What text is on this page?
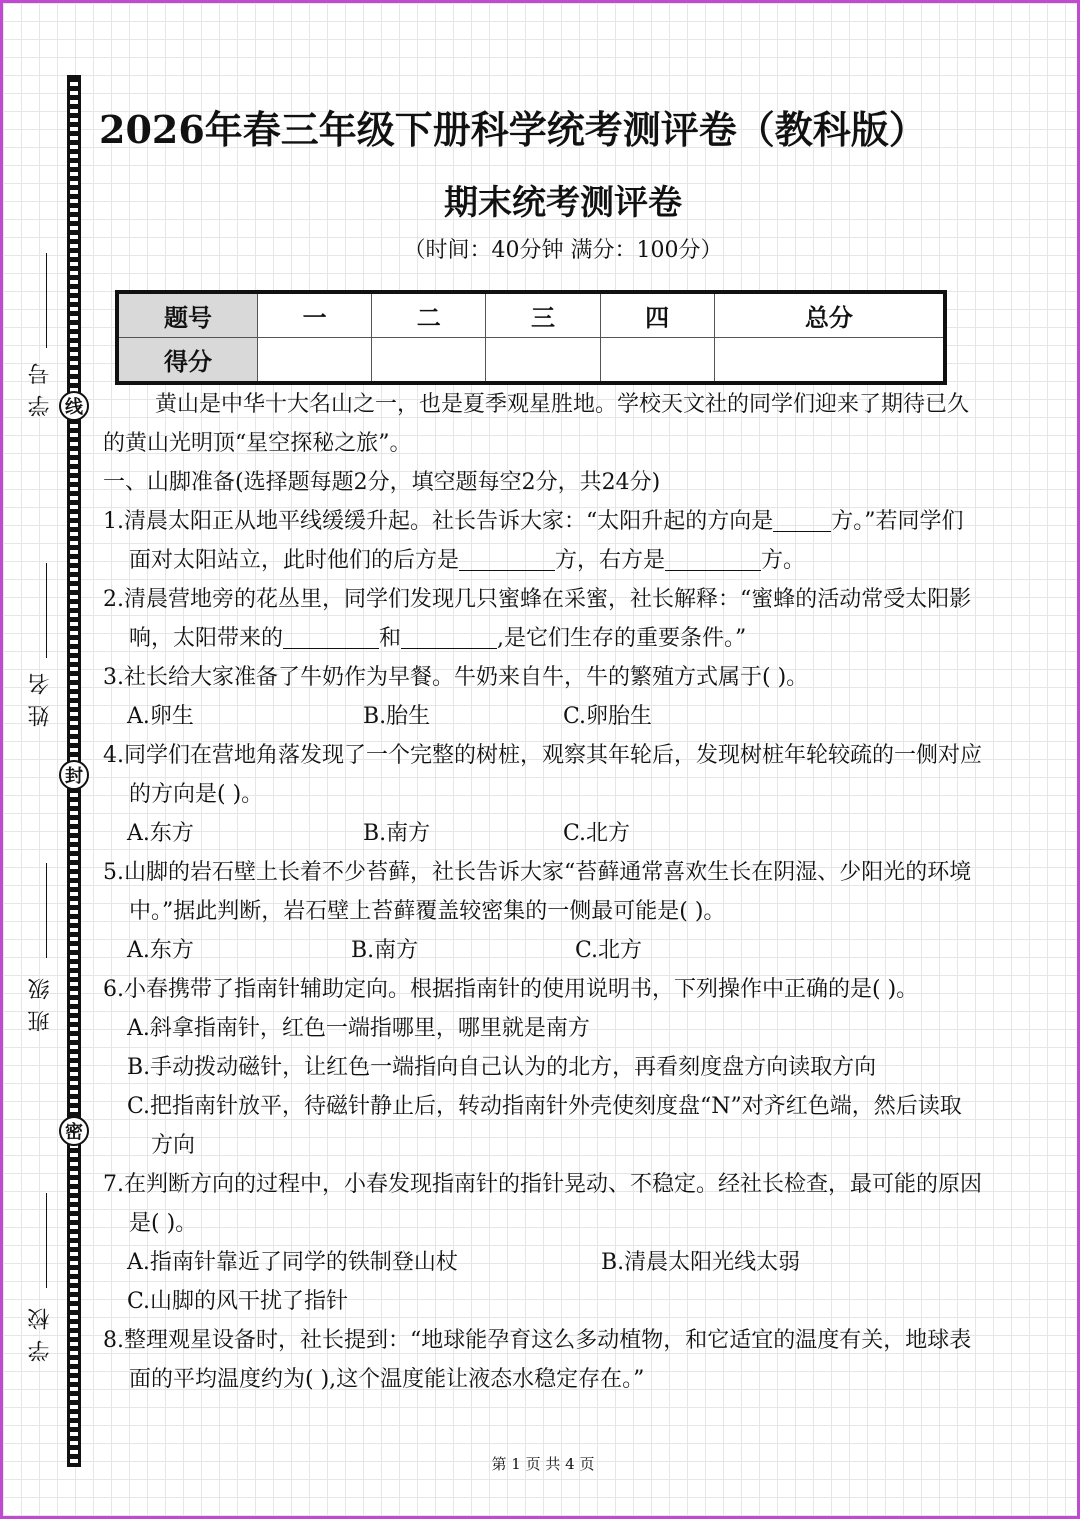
线
封
密
学号
姓名
班级
学校
2026年春三年级下册科学统考测评卷（教科版）
期末统考测评卷
（时间：40分钟 满分：100分）
题号	一	二	三	四	总分
得分					

黄山是中华十大名山之一，也是夏季观星胜地。学校天文社的同学们迎来了期待已久的黄山光明顶“星空探秘之旅”。

一、山脚准备(选择题每题2分，填空题每空2分，共24分)

1.清晨太阳正从地平线缓缓升起。社长告诉大家：“太阳升起的方向是	方。”若同学们面对太阳站立，此时他们的后方是	方，右方是	方。

2.清晨营地旁的花丛里，同学们发现几只蜜蜂在采蜜，社长解释：“蜜蜂的活动常受太阳影响，太阳带来的	和	,是它们生存的重要条件。”

3.社长给大家准备了牛奶作为早餐。牛奶来自牛，牛的繁殖方式属于( )。

A.卵生	B.胎生	C.卵胎生

4.同学们在营地角落发现了一个完整的树桩，观察其年轮后，发现树桩年轮较疏的一侧对应的方向是( )。

A.东方	B.南方	C.北方

5.山脚的岩石壁上长着不少苔藓，社长告诉大家“苔藓通常喜欢生长在阴湿、少阳光的环境中。”据此判断，岩石壁上苔藓覆盖较密集的一侧最可能是( )。

A.东方	B.南方	C.北方

6.小春携带了指南针辅助定向。根据指南针的使用说明书，下列操作中正确的是( )。

A.斜拿指南针，红色一端指哪里，哪里就是南方

B.手动拨动磁针，让红色一端指向自己认为的北方，再看刻度盘方向读取方向

C.把指南针放平，待磁针静止后，转动指南针外壳使刻度盘“N”对齐红色端，然后读取方向

7.在判断方向的过程中，小春发现指南针的指针晃动、不稳定。经社长检查，最可能的原因是( )。

A.指南针靠近了同学的铁制登山杖	B.清晨太阳光线太弱

C.山脚的风干扰了指针

8.整理观星设备时，社长提到：“地球能孕育这么多动植物，和它适宜的温度有关，地球表面的平均温度约为( ),这个温度能让液态水稳定存在。”

第 1 页 共 4 页
